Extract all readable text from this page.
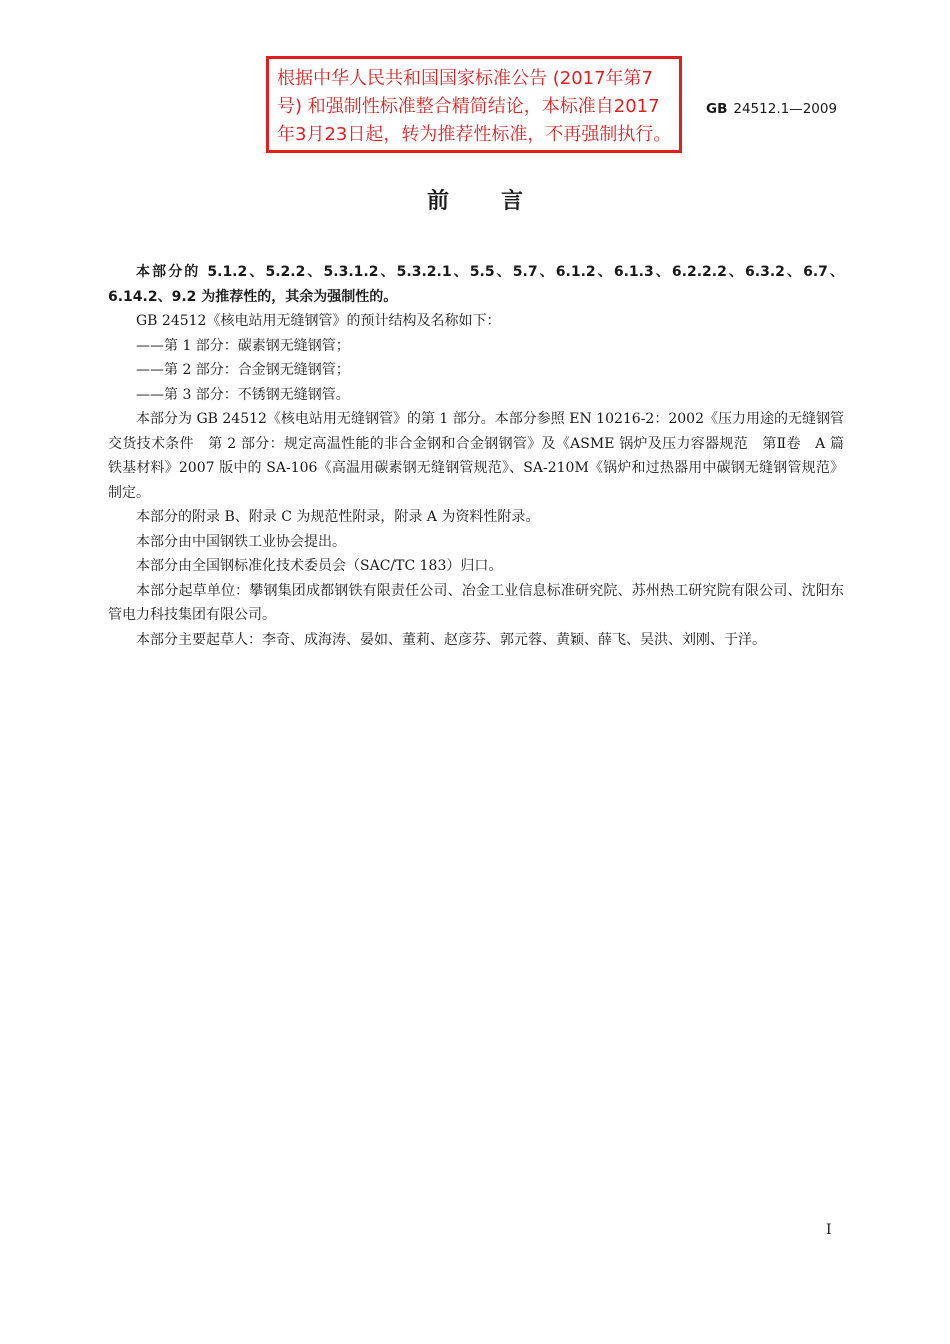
根据中华人民共和国国家标准公告 (2017年第7号) 和强制性标准整合精简结论，本标准自2017年3月23日起，转为推荐性标准，不再强制执行。
GB 24512.1—2009
前言

本部分的 5.1.2、5.2.2、5.3.1.2、5.3.2.1、5.5、5.7、6.1.2、6.1.3、6.2.2.2、6.3.2、6.7、6.14.2、9.2 为推荐性的，其余为强制性的。

GB 24512《核电站用无缝钢管》的预计结构及名称如下：

——第 1 部分：碳素钢无缝钢管；

——第 2 部分：合金钢无缝钢管；

——第 3 部分：不锈钢无缝钢管。

本部分为 GB 24512《核电站用无缝钢管》的第 1 部分。本部分参照 EN 10216-2：2002《压力用途的无缝钢管　交货技术条件　第 2 部分：规定高温性能的非合金钢和合金钢钢管》及《ASME 锅炉及压力容器规范　第Ⅱ卷　A 篇　铁基材料》2007 版中的 SA-106《高温用碳素钢无缝钢管规范》、SA-210M《锅炉和过热器用中碳钢无缝钢管规范》制定。

本部分的附录 B、附录 C 为规范性附录，附录 A 为资料性附录。

本部分由中国钢铁工业协会提出。

本部分由全国钢标准化技术委员会（SAC/TC 183）归口。

本部分起草单位：攀钢集团成都钢铁有限责任公司、冶金工业信息标准研究院、苏州热工研究院有限公司、沈阳东管电力科技集团有限公司。

本部分主要起草人：李奇、成海涛、晏如、董莉、赵彦芬、郭元蓉、黄颖、薛飞、吴洪、刘刚、于洋。

I
